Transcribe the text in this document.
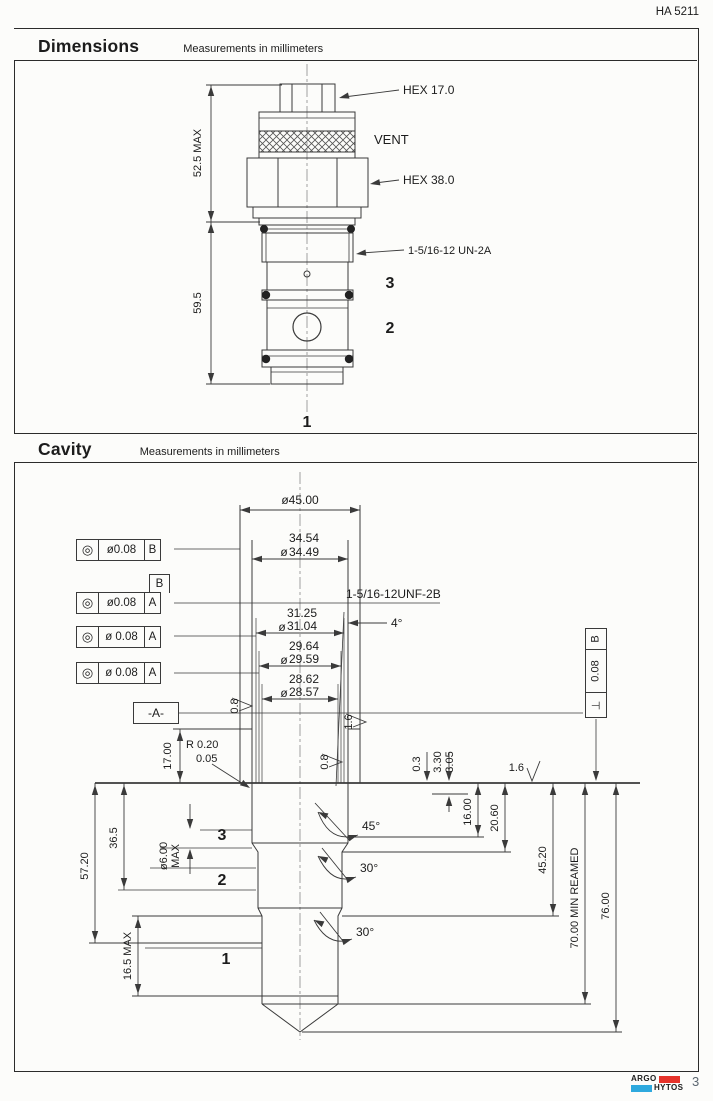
HA 5211
Dimensions	Measurements in millimeters
52.5 MAX
59.5
HEX 17.0
VENT
HEX 38.0
1-5/16-12 UN-2A
3
2
1
Cavity	Measurements in millimeters
ø45.00
ø
34.54
34.49
ø
31.25
31.04
ø
29.64
29.59
ø
28.62
28.57
1-5/16-12UNF-2B
4°
17.00
36.5
57.20
16.5 MAX
ø6.00 MAX
R 0.20
0.05
3
2
1
16.00 20.60
45.20 70.00 MIN REAMED 76.00
0.3 3.30 3.05
45°
30°
30°
0.8
0.8
1.6
1.6
◎	ø0.08	B
B
◎	ø0.08	A
◎	ø 0.08 A
◎	ø 0.08 A
-A-
B
0.08
⊥
ARGO
HYTOS 3
